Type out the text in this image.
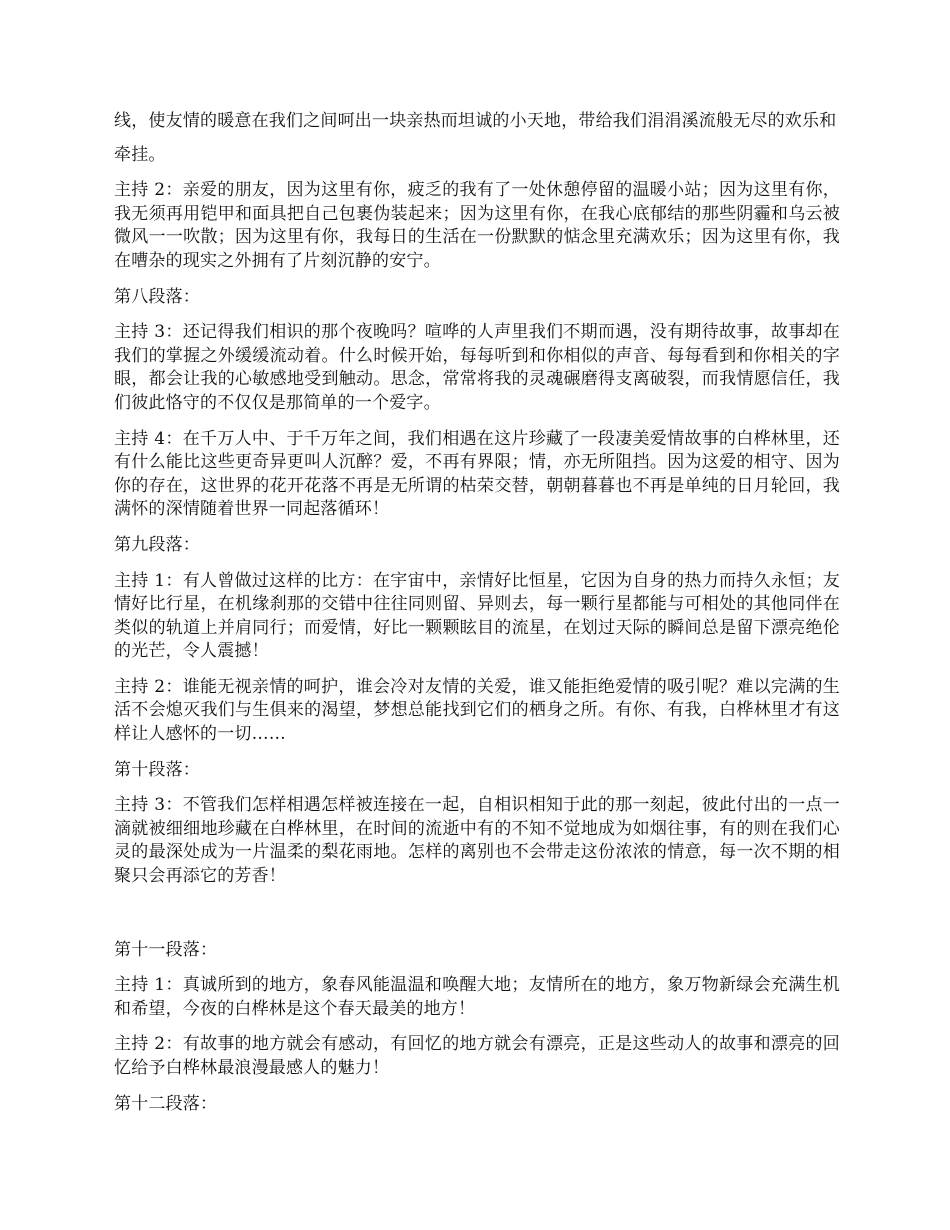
线，使友情的暖意在我们之间呵出一块亲热而坦诚的小天地，带给我们涓涓溪流般无尽的欢乐和

牵挂。

主持 2：亲爱的朋友，因为这里有你，疲乏的我有了一处休憩停留的温暖小站；因为这里有你，我无须再用铠甲和面具把自己包裹伪装起来；因为这里有你，在我心底郁结的那些阴霾和乌云被微风一一吹散；因为这里有你，我每日的生活在一份默默的惦念里充满欢乐；因为这里有你，我在嘈杂的现实之外拥有了片刻沉静的安宁。

第八段落：

主持 3：还记得我们相识的那个夜晚吗？喧哗的人声里我们不期而遇，没有期待故事，故事却在我们的掌握之外缓缓流动着。什么时候开始，每每听到和你相似的声音、每每看到和你相关的字眼，都会让我的心敏感地受到触动。思念，常常将我的灵魂碾磨得支离破裂，而我情愿信任，我们彼此恪守的不仅仅是那简单的一个爱字。

主持 4：在千万人中、于千万年之间，我们相遇在这片珍藏了一段凄美爱情故事的白桦林里，还有什么能比这些更奇异更叫人沉醉？爱，不再有界限；情，亦无所阻挡。因为这爱的相守、因为你的存在，这世界的花开花落不再是无所谓的枯荣交替，朝朝暮暮也不再是单纯的日月轮回，我满怀的深情随着世界一同起落循环！

第九段落：

主持 1：有人曾做过这样的比方：在宇宙中，亲情好比恒星，它因为自身的热力而持久永恒；友情好比行星，在机缘刹那的交错中往往同则留、异则去，每一颗行星都能与可相处的其他同伴在类似的轨道上并肩同行；而爱情，好比一颗颗眩目的流星，在划过天际的瞬间总是留下漂亮绝伦的光芒，令人震撼！

主持 2：谁能无视亲情的呵护，谁会冷对友情的关爱，谁又能拒绝爱情的吸引呢？难以完满的生活不会熄灭我们与生俱来的渴望，梦想总能找到它们的栖身之所。有你、有我，白桦林里才有这样让人感怀的一切……

第十段落：

主持 3：不管我们怎样相遇怎样被连接在一起，自相识相知于此的那一刻起，彼此付出的一点一滴就被细细地珍藏在白桦林里，在时间的流逝中有的不知不觉地成为如烟往事，有的则在我们心灵的最深处成为一片温柔的梨花雨地。怎样的离别也不会带走这份浓浓的情意，每一次不期的相聚只会再添它的芳香！

第十一段落：

主持 1：真诚所到的地方，象春风能温温和唤醒大地；友情所在的地方，象万物新绿会充满生机和希望，今夜的白桦林是这个春天最美的地方！

主持 2：有故事的地方就会有感动，有回忆的地方就会有漂亮，正是这些动人的故事和漂亮的回忆给予白桦林最浪漫最感人的魅力！

第十二段落：
